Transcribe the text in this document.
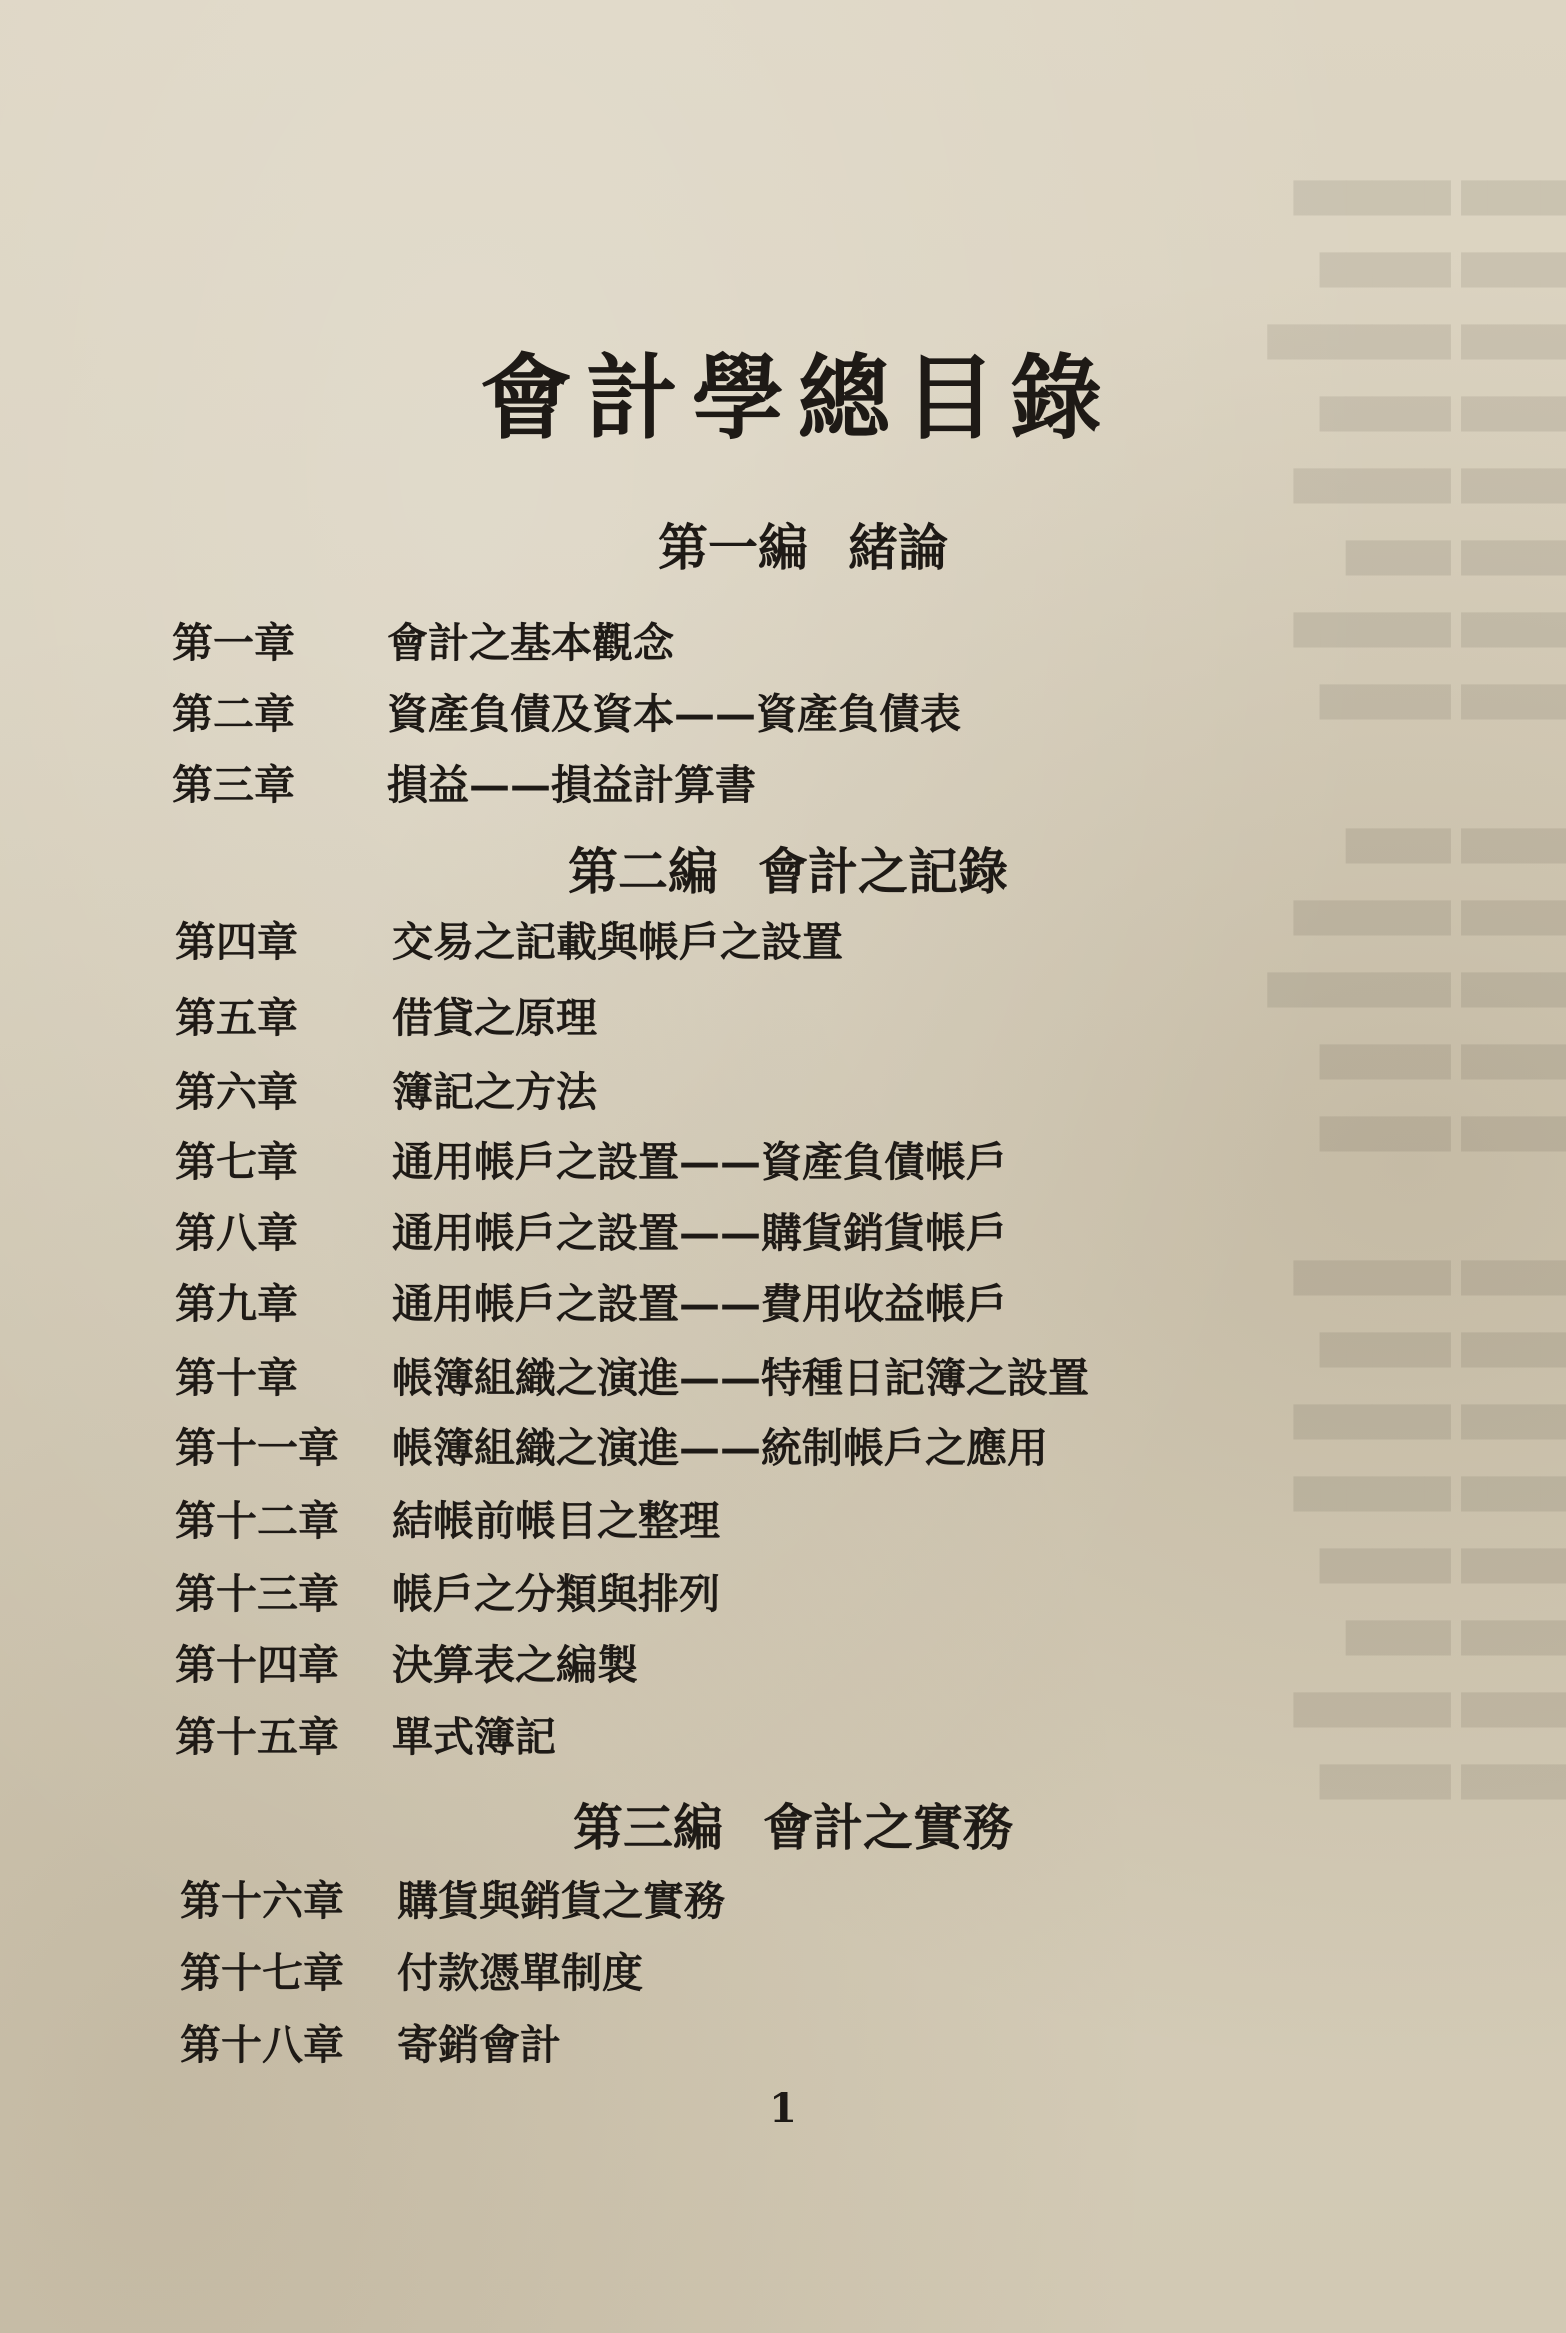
▇▇▇▇ ▇▇▇▇▇▇
▇▇▇▇ ▇▇▇▇▇
▇▇▇▇ ▇▇▇▇▇▇▇
▇▇▇▇ ▇▇▇▇▇
▇▇▇▇ ▇▇▇▇▇▇
▇▇▇▇ ▇▇▇▇
▇▇▇▇ ▇▇▇▇▇▇
▇▇▇▇ ▇▇▇▇▇

▇▇▇▇ ▇▇▇▇
▇▇▇▇ ▇▇▇▇▇▇
▇▇▇▇ ▇▇▇▇▇▇▇
▇▇▇▇ ▇▇▇▇▇
▇▇▇▇ ▇▇▇▇▇

▇▇▇▇ ▇▇▇▇▇▇
▇▇▇▇ ▇▇▇▇▇
▇▇▇▇ ▇▇▇▇▇▇
▇▇▇▇ ▇▇▇▇▇▇
▇▇▇▇ ▇▇▇▇▇
▇▇▇▇ ▇▇▇▇
▇▇▇▇ ▇▇▇▇▇▇
▇▇▇▇ ▇▇▇▇▇
會計學總目錄
第一編 緒論
第一章 會計之基本觀念
第二章 資產負債及資本——資產負債表
第三章 損益——損益計算書
第二編 會計之記錄
第四章 交易之記載與帳戶之設置
第五章 借貸之原理
第六章 簿記之方法
第七章 通用帳戶之設置——資產負債帳戶
第八章 通用帳戶之設置——購貨銷貨帳戶
第九章 通用帳戶之設置——費用收益帳戶
第十章 帳簿組織之演進——特種日記簿之設置
第十一章 帳簿組織之演進——統制帳戶之應用
第十二章 結帳前帳目之整理
第十三章 帳戶之分類與排列
第十四章 決算表之編製
第十五章 單式簿記
第三編 會計之實務
第十六章 購貨與銷貨之實務
第十七章 付款憑單制度
第十八章 寄銷會計
1
